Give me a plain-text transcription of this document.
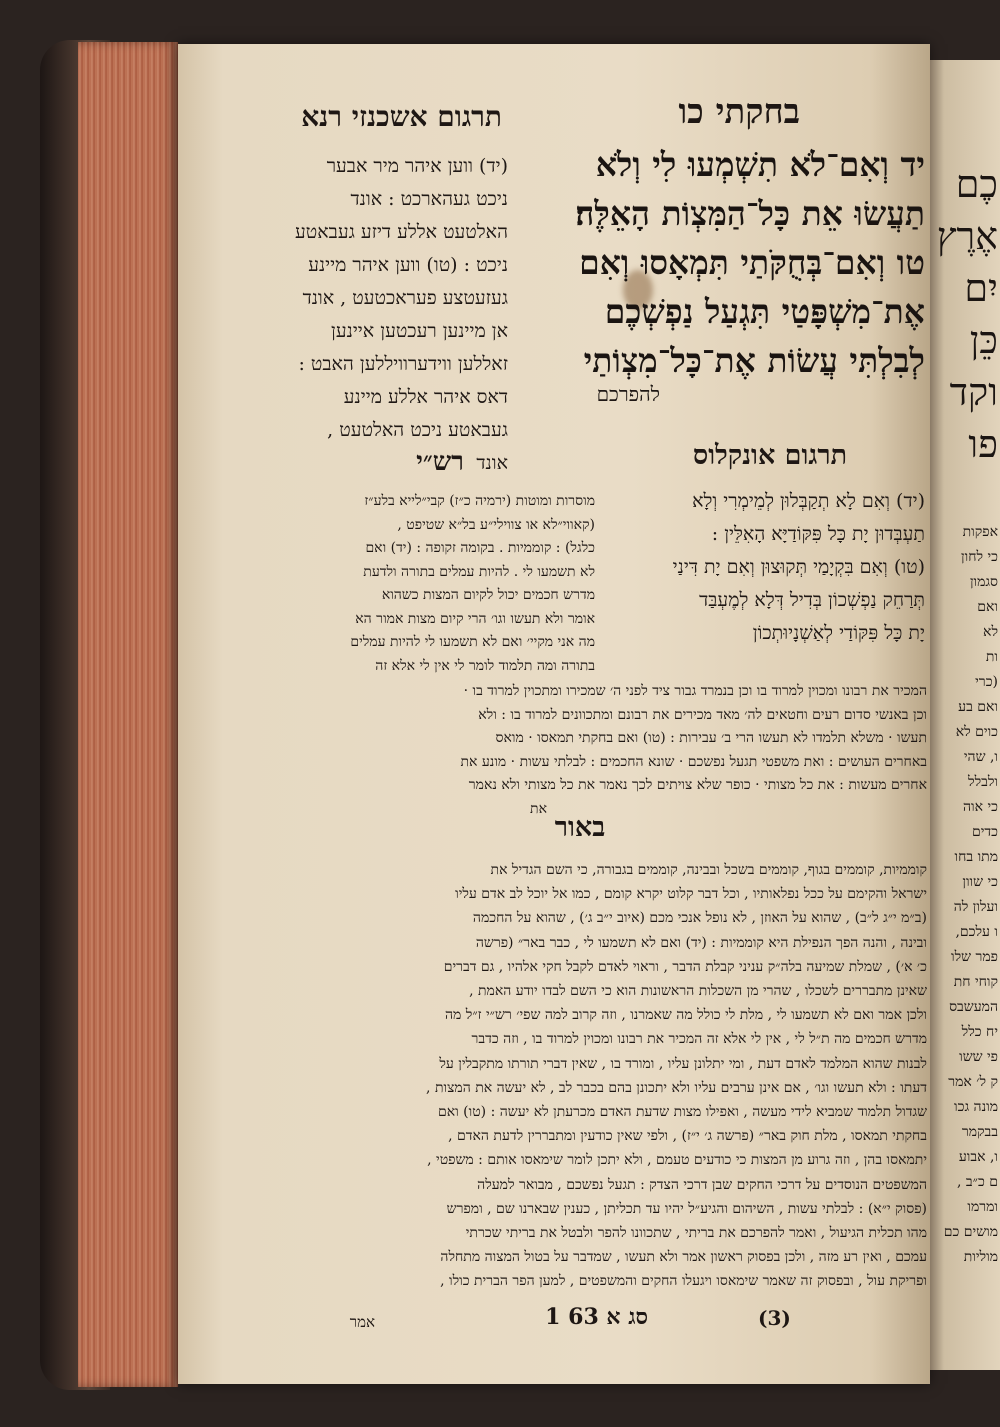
בחקתי כו
תרגום אשכנזי רנא
יד וְאִם־לֹא תִשְׁמְעוּ לִי וְלֹא
תַעֲשׂוּ אֵת כָּל־הַמִּצְוֹת הָאֵלֶּה׃
טו וְאִם־בְּחֻקֹּתַי תִּמְאָסוּ וְאִם
אֶת־מִשְׁפָּטַי תִּגְעַל נַפְשְׁכֶם
לְבִלְתִּי עֲשׂוֹת אֶת־כָּל־מִצְוֹתַי
להפרכם
(יד) ווען איהר מיר אבער
ניכט געהארכט : אונד
האלטעט אללע דיזע געבאטע
ניכט : (טו) ווען איהר מיינע
געזעטצע פעראכטעט , אונד
אן מיינען רעכטען איינען
זאללען ווידערוויללען האבט :
דאס איהר אללע מיינע
געבאטע ניכט האלטעט ,
אונד	תרגום אונקלוס
(יד) וְאִם לָא תְקַבְּלוּן לְמֵימְרִי וְלָא
תַעְבְּדוּן יָת כָּל פִּקּוֹדַיָּא הָאִלֵּין :
(טו) וְאִם בִּקְיָמַי תְּקוּצוּן וְאִם יָת דִּינַי
תְּרַחֵק נַפְשְׁכוֹן בְּדִיל דְּלָא לְמֶעְבַּד
יָת כָּל פִּקּוֹדַי לְאַשְׁנָיוּתְכוֹן
רש״י
מוסרות ומוטות (ירמיה כ״ז) קבי״לייא בלע״ז
(קאווי״לא או צווילי״ע בל״א שטיפט ,
כלגל) : קוממיות . בקומה זקופה : (יד) ואם
לא תשמעו לי . להיות עמלים בתורה ולדעת
מדרש חכמים יכול לקיום המצות כשהוא
אומר ולא תעשו וגו׳ הרי קיום מצות אמור הא
מה אני מקיי׳ ואם לא תשמעו לי להיות עמלים
בתורה ומה תלמוד לומר לי אין לי אלא זה
המכיר את רבונו ומכוין למרוד בו וכן בנמרד גבור ציד לפני ה׳ שמכירו ומתכוין למרוד בו ·
וכן באנשי סדום רעים וחטאים לה׳ מאד מכירים את רבונם ומתכוונים למרוד בו : ולא
תעשו · משלא תלמדו לא תעשו הרי ב׳ עבירות : (טו) ואם בחקתי תמאסו · מואס
באחרים העושים : ואת משפטי תגעל נפשכם · שונא החכמים : לבלתי עשות · מונע את
אחרים מעשות : את כל מצותי · כופר שלא צויתים לכך נאמר את כל מצותי ולא נאמר
את
באור
קוממיות, קוממים בגוף, קוממים בשכל ובבינה, קוממים בגבורה, כי השם הגדיל את
ישראל והקימם על ככל נפלאותיו , וכל דבר קלוט יקרא קומם , כמו אל יוכל לב אדם עליו
(ב״מ י״ג ל״ב) , שהוא על האוזן , לא נופל אנכי מכם (איוב י״ב ג׳) , שהוא על החכמה
ובינה , והנה הפך הנפילת היא קוממיות : (יד) ואם לא תשמעו לי , כבר באר״ (פרשה
כ׳ א׳) , שמלת שמיעה בלה״ק עניני קבלת הדבר , וראוי לאדם לקבל חקי אלהיו , גם דברים
שאינן מתבררים לשכלו , שהרי מן השכלות הראשונות הוא כי השם לבדו יודע האמת ,
ולכן אמר ואם לא תשמעו לי , מלת לי כולל מה שאמרנו , וזה קרוב למה שפי׳ רש״י ז״ל מה
מדרש חכמים מה ת״ל לי , אין לי אלא זה המכיר את רבונו ומכוין למרוד בו , וזה כדבר
לבנות שהוא המלמד לאדם דעת , ומי יתלונן עליו , ומורד בו , שאין דברי תורתו מתקבלין על
דעתו : ולא תעשו וגו׳ , אם אינן ערבים עליו ולא יתכונן בהם בכבר לב , לא יעשה את המצות ,
שגדול תלמוד שמביא לידי מעשה , ואפילו מצות שדעת האדם מכרעתן לא יעשה : (טו) ואם
בחקתי תמאסו , מלת חוק באר״ (פרשה ג׳ י״ז) , ולפי שאין כודעין ומתבררין לדעת האדם ,
יתמאסו בהן , וזה גרוע מן המצות כי כודעים טעמם , ולא יתכן לומר שימאסו אותם : משפטי ,
המשפטים הנוסדים על דרכי החקים שבן דרכי הצדק : תגעל נפשכם , מבואר למעלה
(פסוק י״א) : לבלתי עשות , השיהום והגיע״ל יהיו עד תכליתן , כענין שבארנו שם , ומפרש
מהו תכלית הגיעול , ואמר להפרכם את בריתי , שתכוונו להפר ולבטל את בריתי שכרתי
עמכם , ואין רע מזה , ולכן בפסוק ראשון אמר ולא תעשו , שמדבר על בטול המצוה מתחלה
ופריקת עול , ובפסוק זה שאמר שימאסו ויגעלו החקים והמשפטים , למען הפר הברית כולו ,
אמר	סג א 63 1	(3)
כֶם
אֶרֶץ
יִם
כֵּן
וקד
פו
אפקות
כי לחון
סגמון
ואם
לא
ות
(כרי
ואם בע
כוים לא
ו, שהי
ולבלל
כי אוה
כדים
מתו בחו
כי שוון
ועלון לה
ו עלכם,
פמר שלו
קוחי חת
המעשבס
יח כלל
פי ששו
ק ל׳ אמר
מונה גכו
בבקמר
ו, אבוע
ם כ״ב ,
ומרמו
מושים כם
מוליות
